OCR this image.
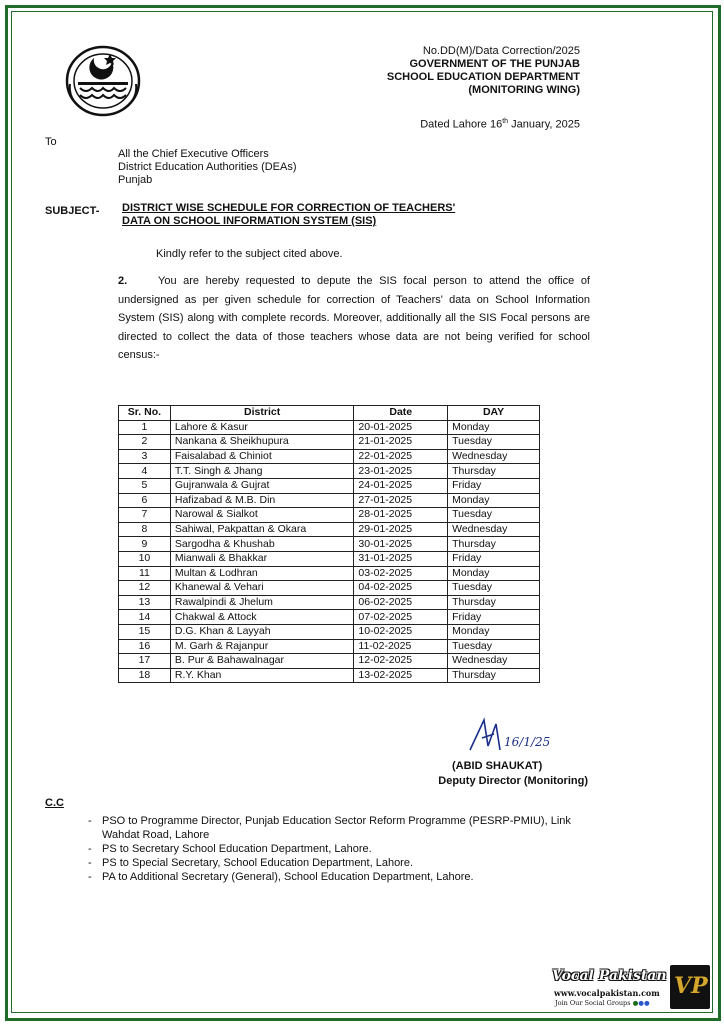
No.DD(M)/Data Correction/2025
GOVERNMENT OF THE PUNJAB
SCHOOL EDUCATION DEPARTMENT
(MONITORING WING)
Dated Lahore 16th January, 2025
To
All the Chief Executive Officers
District Education Authorities (DEAs)
Punjab
SUBJECT- DISTRICT WISE SCHEDULE FOR CORRECTION OF TEACHERS'
DATA ON SCHOOL INFORMATION SYSTEM (SIS)
Kindly refer to the subject cited above.
2.	You are hereby requested to depute the SIS focal person to attend the office of undersigned as per given schedule for correction of Teachers' data on School Information System (SIS) along with complete records. Moreover, additionally all the SIS Focal persons are directed to collect the data of those teachers whose data are not being verified for school census:-
Sr. No.	District	Date	DAY
1	Lahore & Kasur	20-01-2025	Monday
2	Nankana & Sheikhupura	21-01-2025	Tuesday
3	Faisalabad & Chiniot	22-01-2025	Wednesday
4	T.T. Singh & Jhang	23-01-2025	Thursday
5	Gujranwala & Gujrat	24-01-2025	Friday
6	Hafizabad & M.B. Din	27-01-2025	Monday
7	Narowal & Sialkot	28-01-2025	Tuesday
8	Sahiwal, Pakpattan & Okara	29-01-2025	Wednesday
9	Sargodha & Khushab	30-01-2025	Thursday
10	Mianwali & Bhakkar	31-01-2025	Friday
11	Multan & Lodhran	03-02-2025	Monday
12	Khanewal & Vehari	04-02-2025	Tuesday
13	Rawalpindi & Jhelum	06-02-2025	Thursday
14	Chakwal & Attock	07-02-2025	Friday
15	D.G. Khan & Layyah	10-02-2025	Monday
16	M. Garh & Rajanpur	11-02-2025	Tuesday
17	B. Pur & Bahawalnagar	12-02-2025	Wednesday
18	R.Y. Khan	13-02-2025	Thursday
16/1/25
(ABID SHAUKAT)
Deputy Director (Monitoring)
C.C
- PSO to Programme Director, Punjab Education Sector Reform Programme (PESRP-PMIU), Link Wahdat Road, Lahore
- PS to Secretary School Education Department, Lahore.
- PS to Special Secretary, School Education Department, Lahore.
- PA to Additional Secretary (General), School Education Department, Lahore.
Vocal Pakistan
www.vocalpakistan.com
Join Our Social Groups ●●●
VP
